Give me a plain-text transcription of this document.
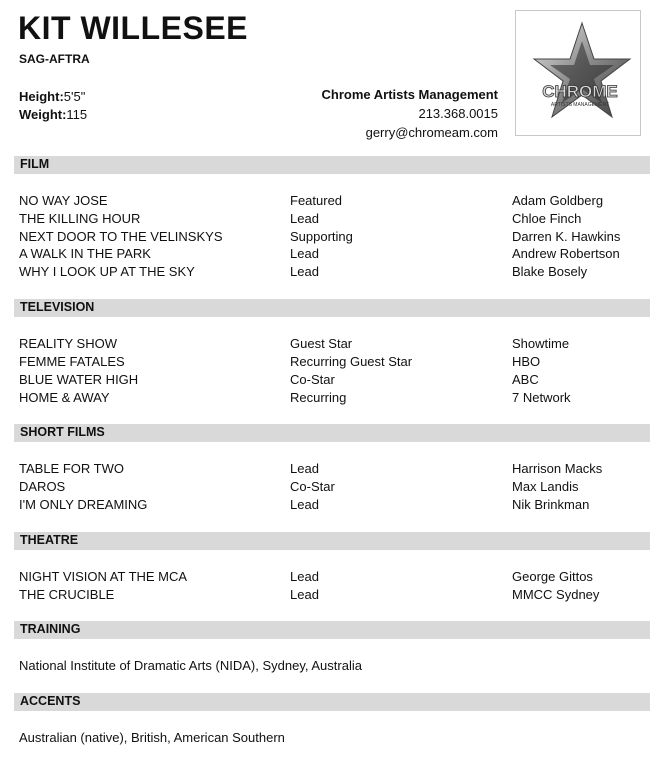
KIT WILLESEE
SAG-AFTRA
Height:5'5"
Weight:115
Chrome Artists Management
213.368.0015
gerry@chromeam.com
CHROME
ARTISTS MANAGEMENT
FILM
NO WAY JOSE	Featured	Adam Goldberg
THE KILLING HOUR	Lead	Chloe Finch
NEXT DOOR TO THE VELINSKYS	Supporting	Darren K. Hawkins
A WALK IN THE PARK	Lead	Andrew Robertson
WHY I LOOK UP AT THE SKY	Lead	Blake Bosely
TELEVISION
REALITY SHOW	Guest Star	Showtime
FEMME FATALES	Recurring Guest Star	HBO
BLUE WATER HIGH	Co-Star	ABC
HOME & AWAY	Recurring	7 Network
SHORT FILMS
TABLE FOR TWO	Lead	Harrison Macks
DAROS	Co-Star	Max Landis
I'M ONLY DREAMING	Lead	Nik Brinkman
THEATRE
NIGHT VISION AT THE MCA	Lead	George Gittos
THE CRUCIBLE	Lead	MMCC Sydney
TRAINING
National Institute of Dramatic Arts (NIDA), Sydney, Australia
ACCENTS
Australian (native), British, American Southern
